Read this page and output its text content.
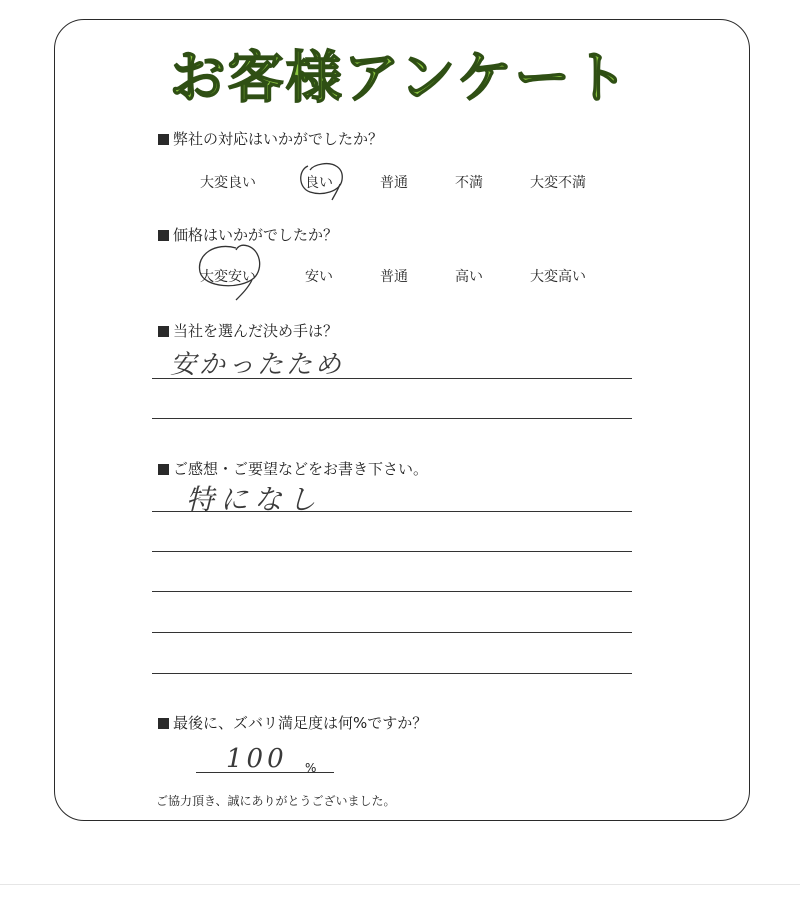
お客様アンケート
弊社の対応はいかがでしたか？
大変良い	良い	普通	不満	大変不満
価格はいかがでしたか？
大変安い	安い	普通	高い	大変高い
当社を選んだ決め手は？
安かったため
ご感想・ご要望などをお書き下さい。
特になし
最後に、ズバリ満足度は何%ですか？
100 %
ご協力頂き、誠にありがとうございました。
